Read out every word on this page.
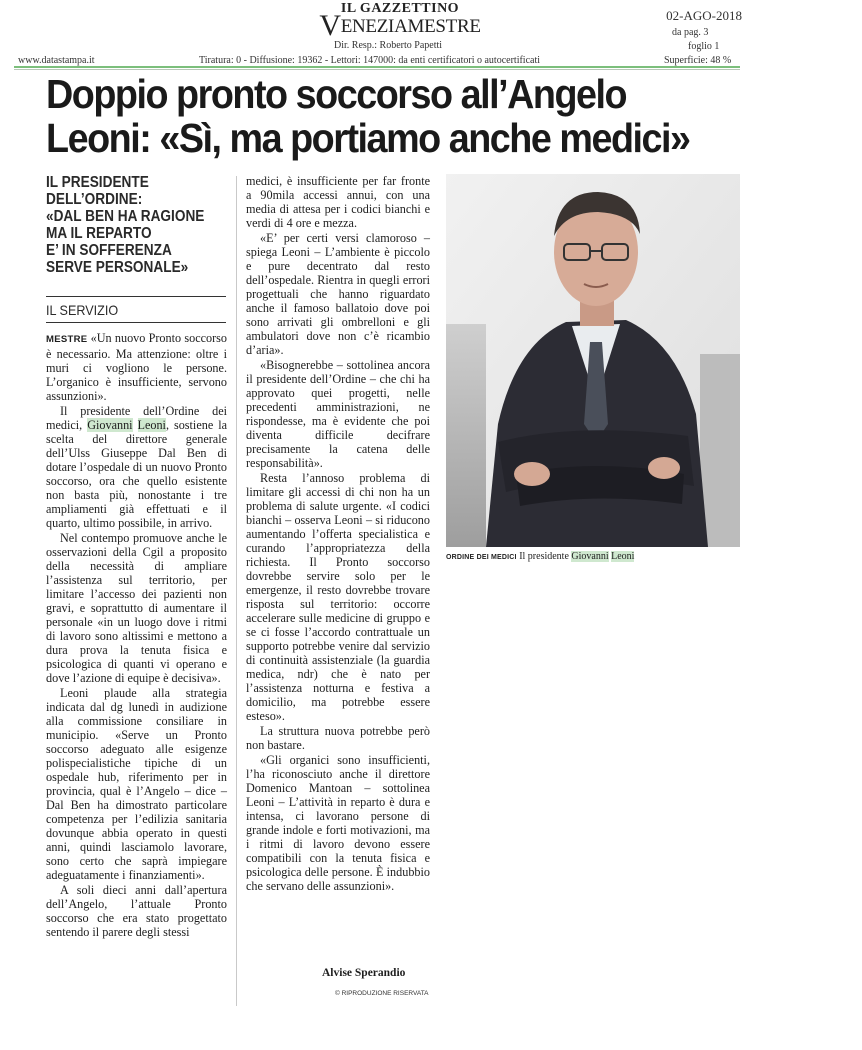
IL GAZZETTINO
VENEZIAMESTRE
Dir. Resp.: Roberto Papetti
02-AGO-2018
da pag. 3
foglio 1
www.datastampa.it	Tiratura: 0 - Diffusione: 19362 - Lettori: 147000: da enti certificatori o autocertificati	Superficie: 48 %
Doppio pronto soccorso all’Angelo
Leoni: «Sì, ma portiamo anche medici»
IL PRESIDENTE
DELL’ORDINE:
«DAL BEN HA RAGIONE
MA IL REPARTO
E’ IN SOFFERENZA
SERVE PERSONALE»
IL SERVIZIO

MESTRE «Un nuovo Pronto soccorso è necessario. Ma attenzione: oltre i muri ci vogliono le persone. L’organico è insufficiente, servono assunzioni».

Il presidente dell’Ordine dei medici, Giovanni Leoni, sostiene la scelta del direttore generale dell’Ulss Giuseppe Dal Ben di dotare l’ospedale di un nuovo Pronto soccorso, ora che quello esistente non basta più, nonostante i tre ampliamenti già effettuati e il quarto, ultimo possibile, in arrivo.

Nel contempo promuove anche le osservazioni della Cgil a proposito della necessità di ampliare l’assistenza sul territorio, per limitare l’accesso dei pazienti non gravi, e soprattutto di aumentare il personale «in un luogo dove i ritmi di lavoro sono altissimi e mettono a dura prova la tenuta fisica e psicologica di quanti vi operano e dove l’azione di equipe è decisiva».

Leoni plaude alla strategia indicata dal dg lunedì in audizione alla commissione consiliare in municipio. «Serve un Pronto soccorso adeguato alle esigenze polispecialistiche tipiche di un ospedale hub, riferimento per in provincia, qual è l’Angelo – dice – Dal Ben ha dimostrato particolare competenza per l’edilizia sanitaria dovunque abbia operato in questi anni, quindi lasciamolo lavorare, sono certo che saprà impiegare adeguatamente i finanziamenti».

A soli dieci anni dall’apertura dell’Angelo, l’attuale Pronto soccorso che era stato progettato sentendo il parere degli stessi

medici, è insufficiente per far fronte a 90mila accessi annui, con una media di attesa per i codici bianchi e verdi di 4 ore e mezza.

«E’ per certi versi clamoroso – spiega Leoni – L’ambiente è piccolo e pure decentrato dal resto dell’ospedale. Rientra in quegli errori progettuali che hanno riguardato anche il famoso ballatoio dove poi sono arrivati gli ombrelloni e gli ambulatori dove non c’è ricambio d’aria».

«Bisognerebbe – sottolinea ancora il presidente dell’Ordine – che chi ha approvato quei progetti, nelle precedenti amministrazioni, ne rispondesse, ma è evidente che poi diventa difficile decifrare precisamente la catena delle responsabilità».

Resta l’annoso problema di limitare gli accessi di chi non ha un problema di salute urgente. «I codici bianchi – osserva Leoni – si riducono aumentando l’offerta specialistica e curando l’appropriatezza della richiesta. Il Pronto soccorso dovrebbe servire solo per le emergenze, il resto dovrebbe trovare risposta sul territorio: occorre accelerare sulle medicine di gruppo e se ci fosse l’accordo contrattuale un supporto potrebbe venire dal servizio di continuità assistenziale (la guardia medica, ndr) che è nato per l’assistenza notturna e festiva a domicilio, ma potrebbe essere esteso».

La struttura nuova potrebbe però non bastare.

«Gli organici sono insufficienti, l’ha riconosciuto anche il direttore Domenico Mantoan – sottolinea Leoni – L’attività in reparto è dura e intensa, ci lavorano persone di grande indole e forti motivazioni, ma i ritmi di lavoro devono essere compatibili con la tenuta fisica e psicologica delle persone. È indubbio che servano delle assunzioni».

Alvise Sperandio
© RIPRODUZIONE RISERVATA
ORDINE DEI MEDICI Il presidente Giovanni Leoni
